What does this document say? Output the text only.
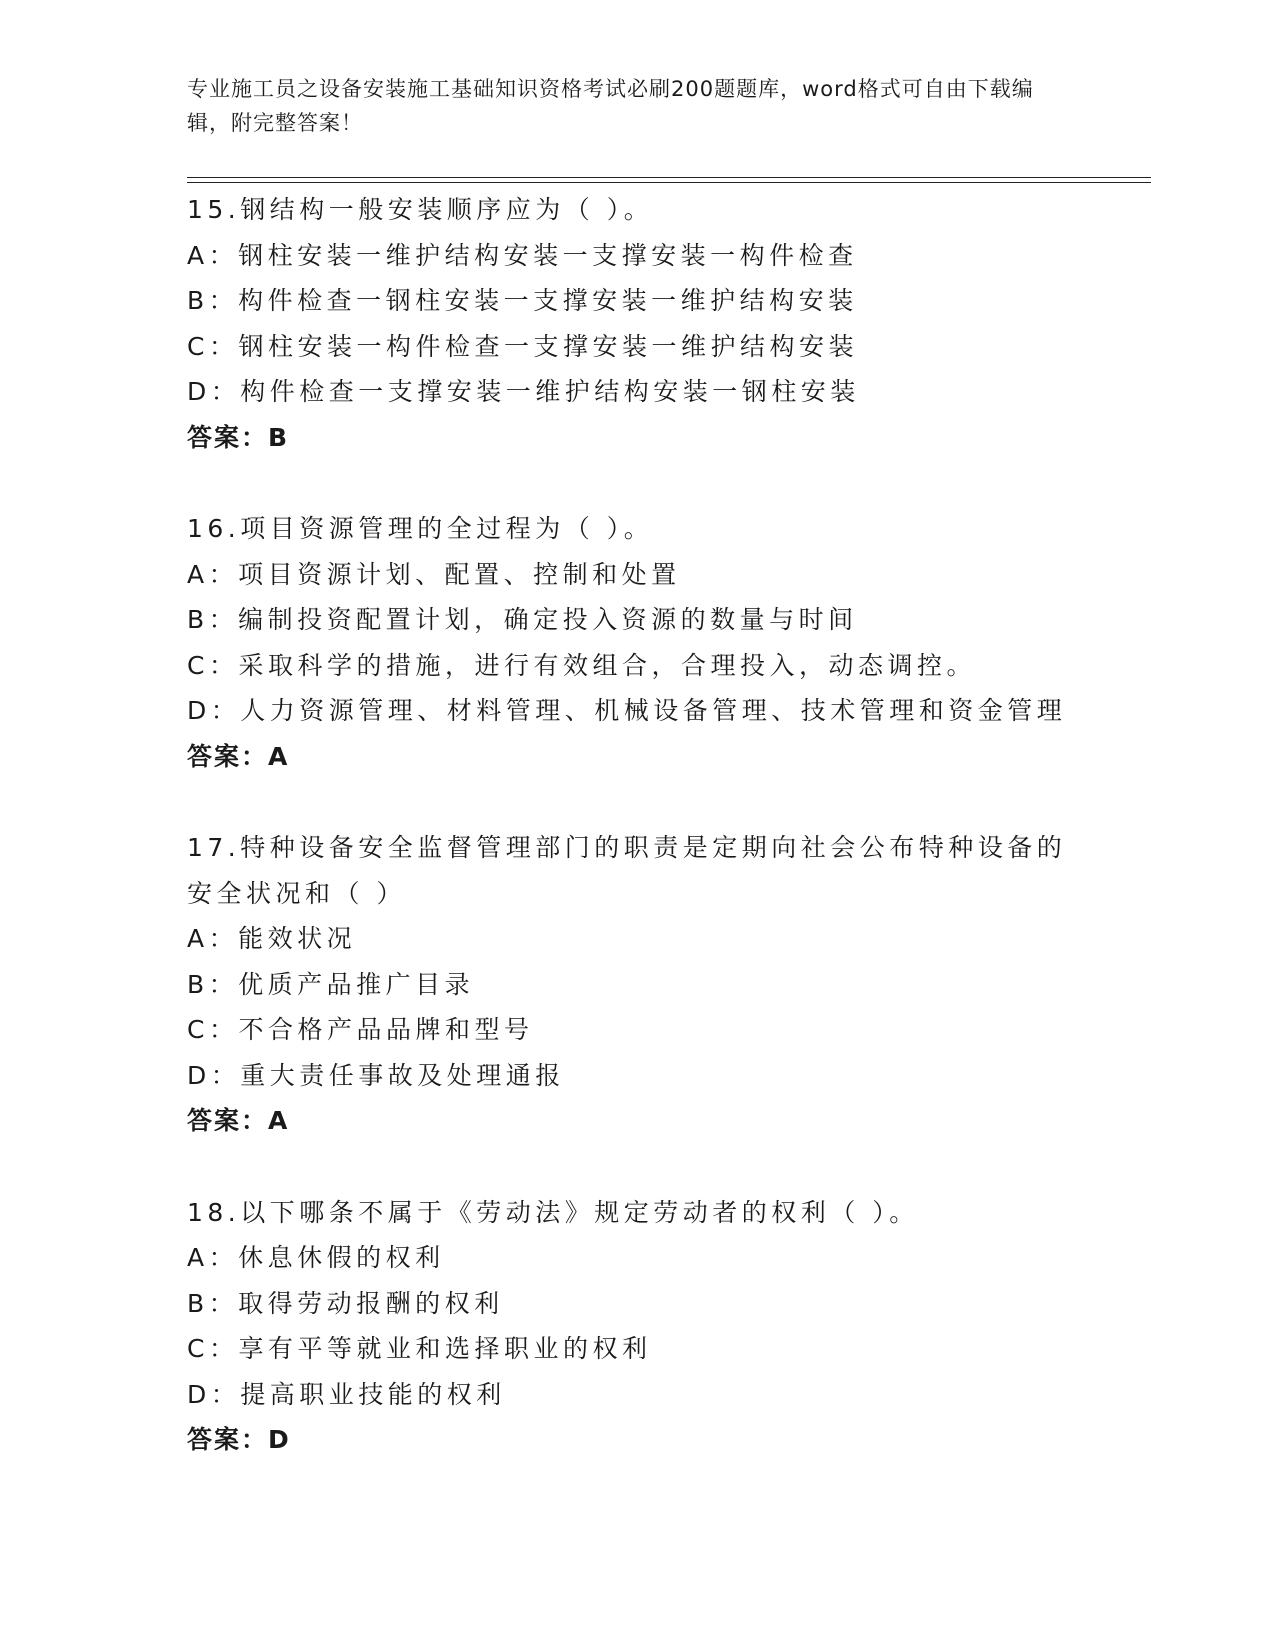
专业施工员之设备安装施工基础知识资格考试必刷200题题库，word格式可自由下载编辑，附完整答案！
15.钢结构一般安装顺序应为（ ）。
A：钢柱安装一维护结构安装一支撑安装一构件检查
B：构件检查一钢柱安装一支撑安装一维护结构安装
C：钢柱安装一构件检查一支撑安装一维护结构安装
D：构件检查一支撑安装一维护结构安装一钢柱安装
答案：B
16.项目资源管理的全过程为（ ）。
A：项目资源计划、配置、控制和处置
B：编制投资配置计划，确定投入资源的数量与时间
C：采取科学的措施，进行有效组合，合理投入，动态调控。
D：人力资源管理、材料管理、机械设备管理、技术管理和资金管理
答案：A
17.特种设备安全监督管理部门的职责是定期向社会公布特种设备的安全状况和（ ）
A：能效状况
B：优质产品推广目录
C：不合格产品品牌和型号
D：重大责任事故及处理通报
答案：A
18.以下哪条不属于《劳动法》规定劳动者的权利（ ）。
A：休息休假的权利
B：取得劳动报酬的权利
C：享有平等就业和选择职业的权利
D：提高职业技能的权利
答案：D
